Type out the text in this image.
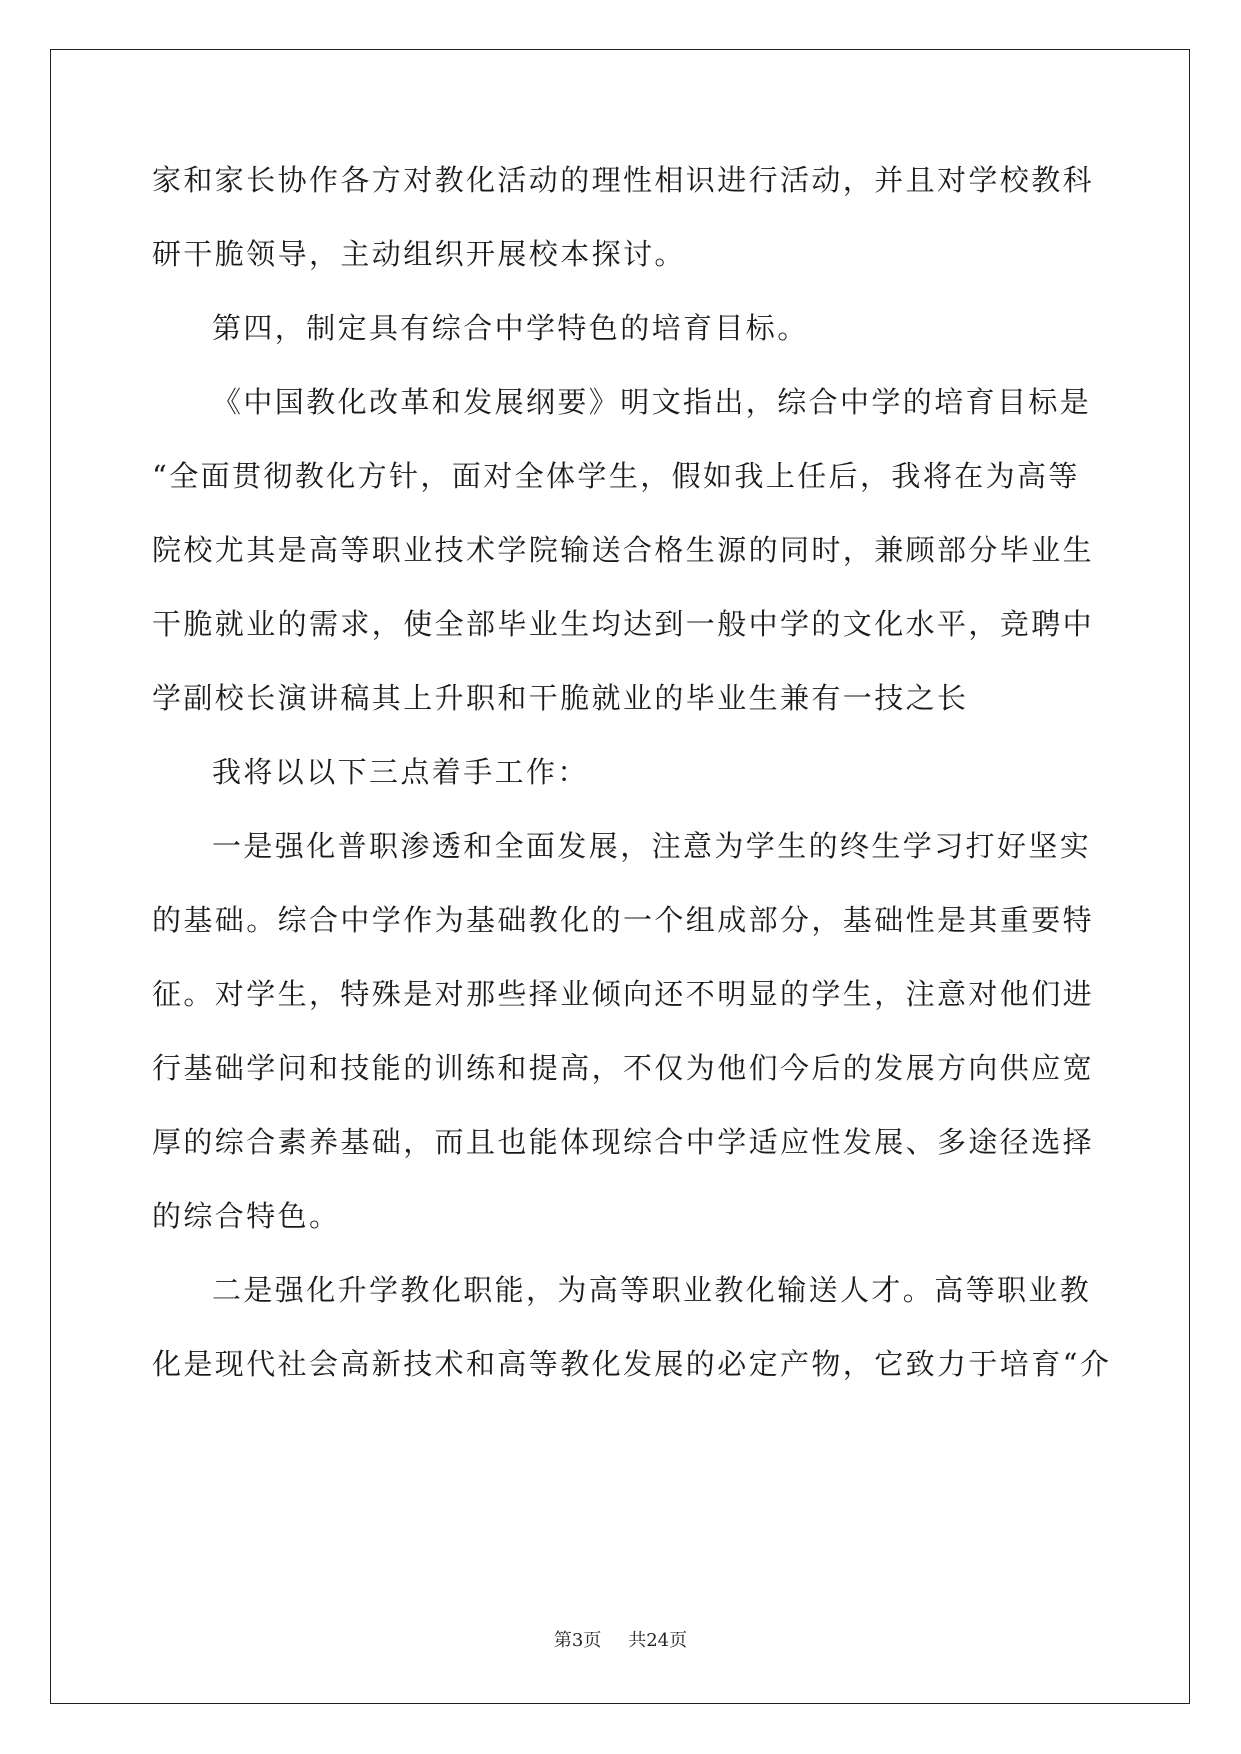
家和家长协作各方对教化活动的理性相识进行活动，并且对学校教科
研干脆领导，主动组织开展校本探讨。
第四，制定具有综合中学特色的培育目标。
《中国教化改革和发展纲要》明文指出，综合中学的培育目标是
“全面贯彻教化方针，面对全体学生，假如我上任后，我将在为高等
院校尤其是高等职业技术学院输送合格生源的同时，兼顾部分毕业生
干脆就业的需求，使全部毕业生均达到一般中学的文化水平，竞聘中
学副校长演讲稿其上升职和干脆就业的毕业生兼有一技之长
我将以以下三点着手工作：
一是强化普职渗透和全面发展，注意为学生的终生学习打好坚实
的基础。综合中学作为基础教化的一个组成部分，基础性是其重要特
征。对学生，特殊是对那些择业倾向还不明显的学生，注意对他们进
行基础学问和技能的训练和提高，不仅为他们今后的发展方向供应宽
厚的综合素养基础，而且也能体现综合中学适应性发展、多途径选择
的综合特色。
二是强化升学教化职能，为高等职业教化输送人才。高等职业教
化是现代社会高新技术和高等教化发展的必定产物，它致力于培育“介
第3页 共24页
